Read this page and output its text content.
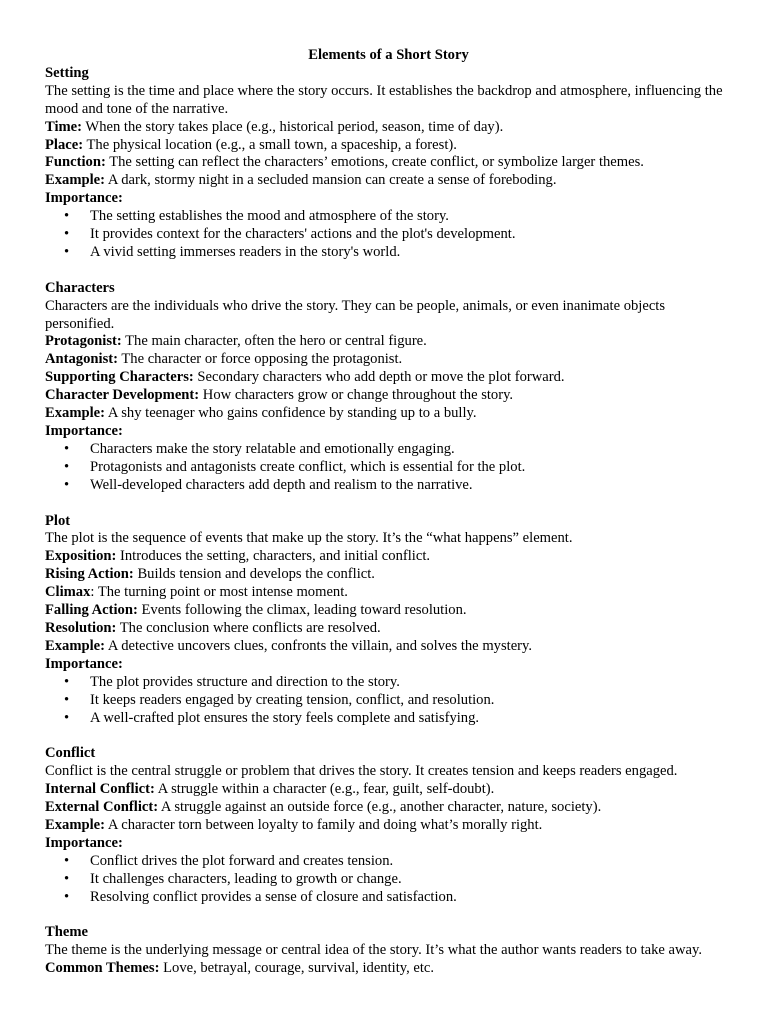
Elements of a Short Story

Setting

The setting is the time and place where the story occurs. It establishes the backdrop and atmosphere, influencing the mood and tone of the narrative.

Time: When the story takes place (e.g., historical period, season, time of day).

Place: The physical location (e.g., a small town, a spaceship, a forest).

Function: The setting can reflect the characters’ emotions, create conflict, or symbolize larger themes.

Example: A dark, stormy night in a secluded mansion can create a sense of foreboding.

Importance:

• The setting establishes the mood and atmosphere of the story.
• It provides context for the characters' actions and the plot's development.
• A vivid setting immerses readers in the story's world.

Characters

Characters are the individuals who drive the story. They can be people, animals, or even inanimate objects personified.

Protagonist: The main character, often the hero or central figure.

Antagonist: The character or force opposing the protagonist.

Supporting Characters: Secondary characters who add depth or move the plot forward.

Character Development: How characters grow or change throughout the story.

Example: A shy teenager who gains confidence by standing up to a bully.

Importance:

• Characters make the story relatable and emotionally engaging.
• Protagonists and antagonists create conflict, which is essential for the plot.
• Well-developed characters add depth and realism to the narrative.

Plot

The plot is the sequence of events that make up the story. It’s the “what happens” element.

Exposition: Introduces the setting, characters, and initial conflict.

Rising Action: Builds tension and develops the conflict.

Climax: The turning point or most intense moment.

Falling Action: Events following the climax, leading toward resolution.

Resolution: The conclusion where conflicts are resolved.

Example: A detective uncovers clues, confronts the villain, and solves the mystery.

Importance:

• The plot provides structure and direction to the story.
• It keeps readers engaged by creating tension, conflict, and resolution.
• A well-crafted plot ensures the story feels complete and satisfying.

Conflict

Conflict is the central struggle or problem that drives the story. It creates tension and keeps readers engaged.

Internal Conflict: A struggle within a character (e.g., fear, guilt, self-doubt).

External Conflict: A struggle against an outside force (e.g., another character, nature, society).

Example: A character torn between loyalty to family and doing what’s morally right.

Importance:

• Conflict drives the plot forward and creates tension.
• It challenges characters, leading to growth or change.
• Resolving conflict provides a sense of closure and satisfaction.

Theme

The theme is the underlying message or central idea of the story. It’s what the author wants readers to take away.

Common Themes: Love, betrayal, courage, survival, identity, etc.
